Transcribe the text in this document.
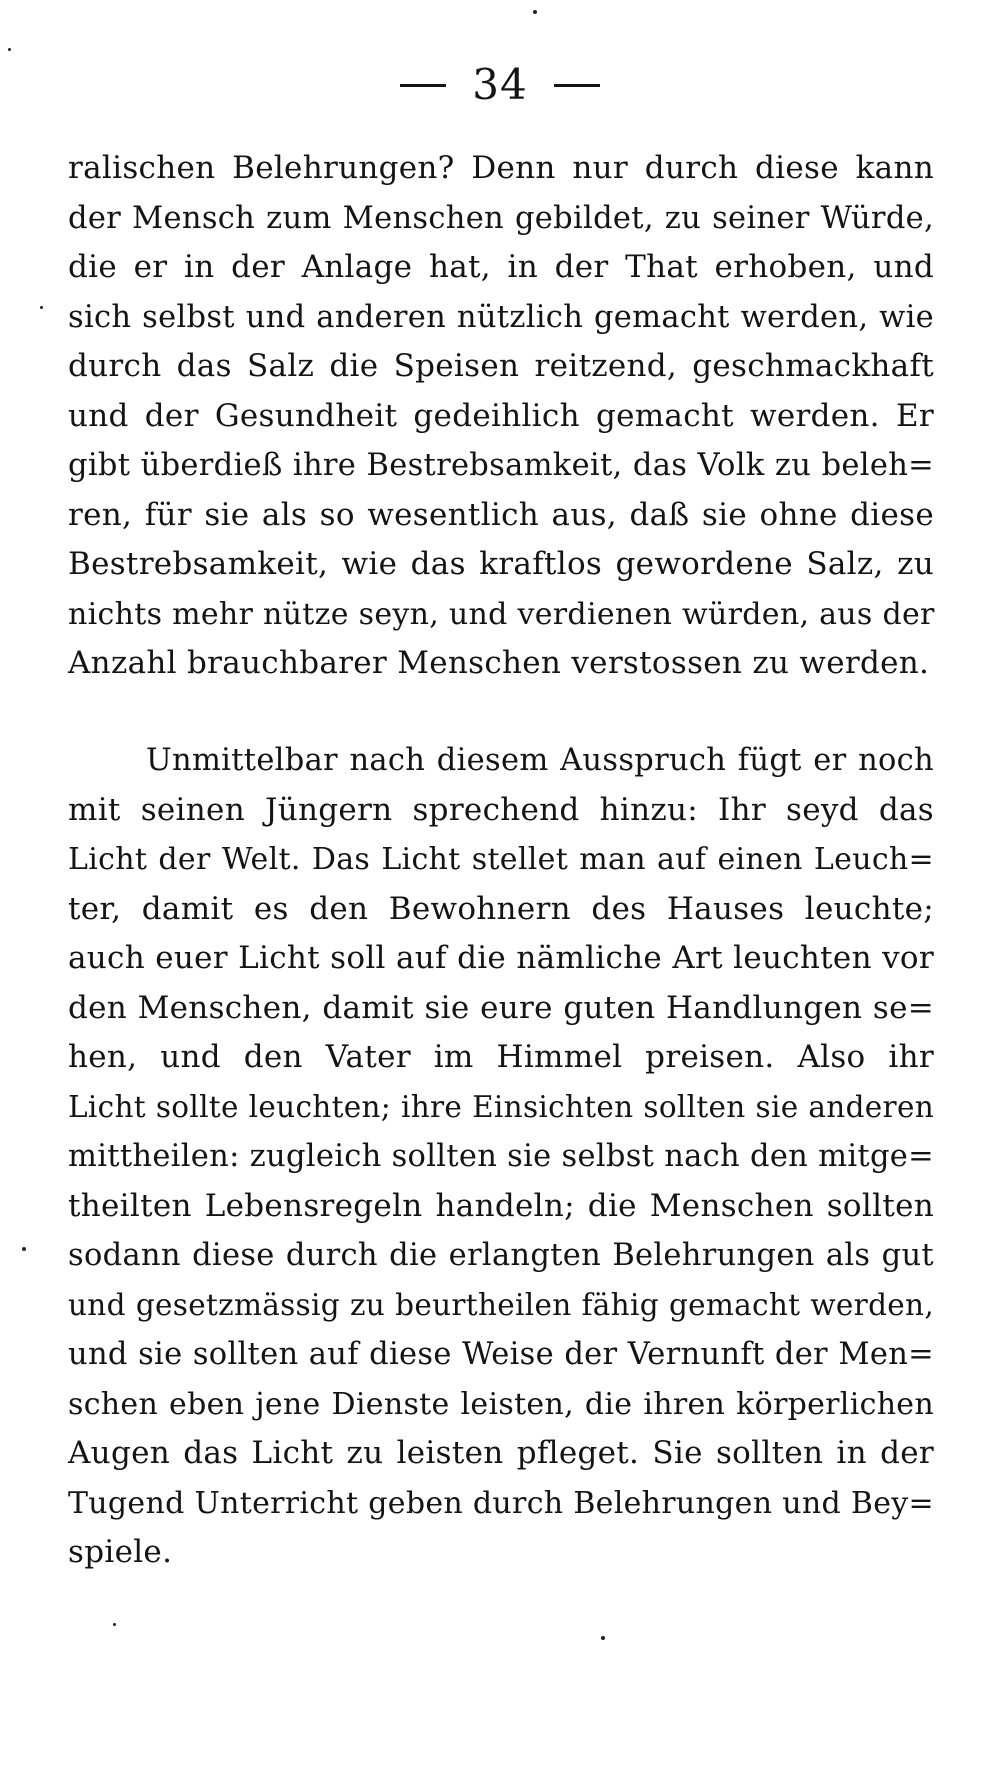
34
ralischen Belehrungen? Denn nur durch diese kann
der Mensch zum Menschen gebildet, zu seiner Würde,
die er in der Anlage hat, in der That erhoben, und
sich selbst und anderen nützlich gemacht werden, wie
durch das Salz die Speisen reitzend, geschmackhaft
und der Gesundheit gedeihlich gemacht werden. Er
gibt überdieß ihre Bestrebsamkeit, das Volk zu beleh=
ren, für sie als so wesentlich aus, daß sie ohne diese
Bestrebsamkeit, wie das kraftlos gewordene Salz, zu
nichts mehr nütze seyn, und verdienen würden, aus der
Anzahl brauchbarer Menschen verstossen zu werden.
Unmittelbar nach diesem Ausspruch fügt er noch
mit seinen Jüngern sprechend hinzu: Ihr seyd das
Licht der Welt. Das Licht stellet man auf einen Leuch=
ter, damit es den Bewohnern des Hauses leuchte;
auch euer Licht soll auf die nämliche Art leuchten vor
den Menschen, damit sie eure guten Handlungen se=
hen, und den Vater im Himmel preisen. Also ihr
Licht sollte leuchten; ihre Einsichten sollten sie anderen
mittheilen: zugleich sollten sie selbst nach den mitge=
theilten Lebensregeln handeln; die Menschen sollten
sodann diese durch die erlangten Belehrungen als gut
und gesetzmässig zu beurtheilen fähig gemacht werden,
und sie sollten auf diese Weise der Vernunft der Men=
schen eben jene Dienste leisten, die ihren körperlichen
Augen das Licht zu leisten pfleget. Sie sollten in der
Tugend Unterricht geben durch Belehrungen und Bey=
spiele.
